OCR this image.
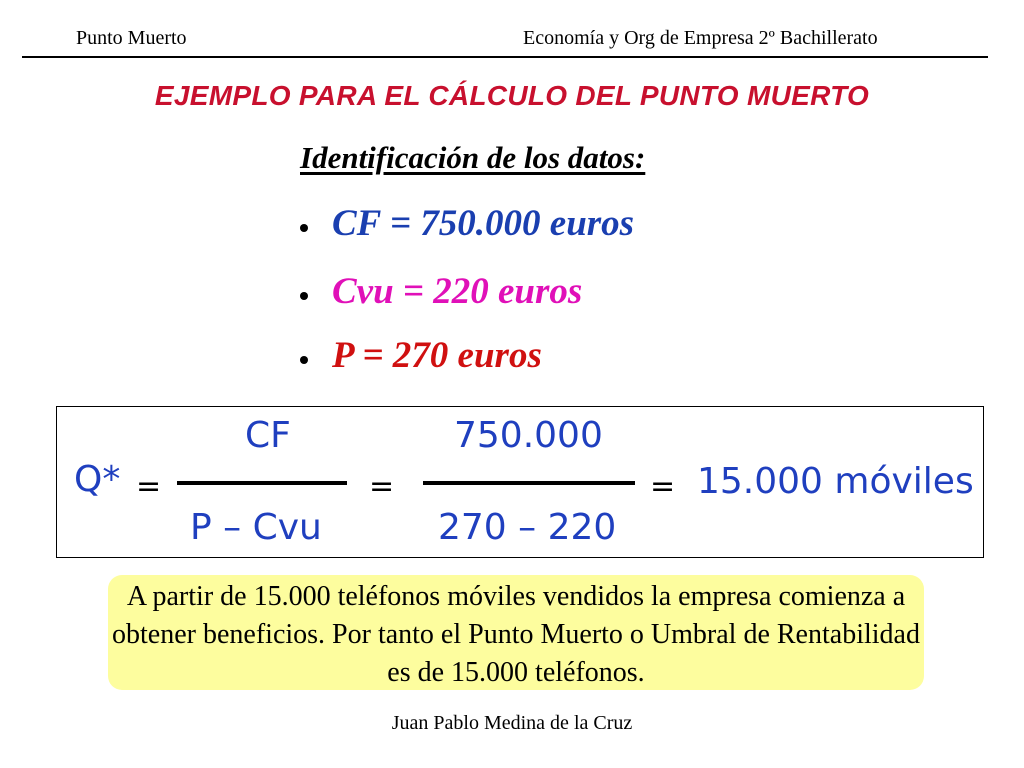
Punto Muerto	Economía y Org de Empresa 2º Bachillerato
EJEMPLO PARA EL CÁLCULO DEL PUNTO MUERTO
Identificación de los datos:
CF = 750.000 euros
Cvu = 220 euros
P = 270 euros
Q* =
CF
P – Cvu
=
750.000
270 – 220
= 15.000 móviles
A partir de 15.000 teléfonos móviles vendidos la empresa comienza a obtener beneficios. Por tanto el Punto Muerto o Umbral de Rentabilidad es de 15.000 teléfonos.
Juan Pablo Medina de la Cruz
